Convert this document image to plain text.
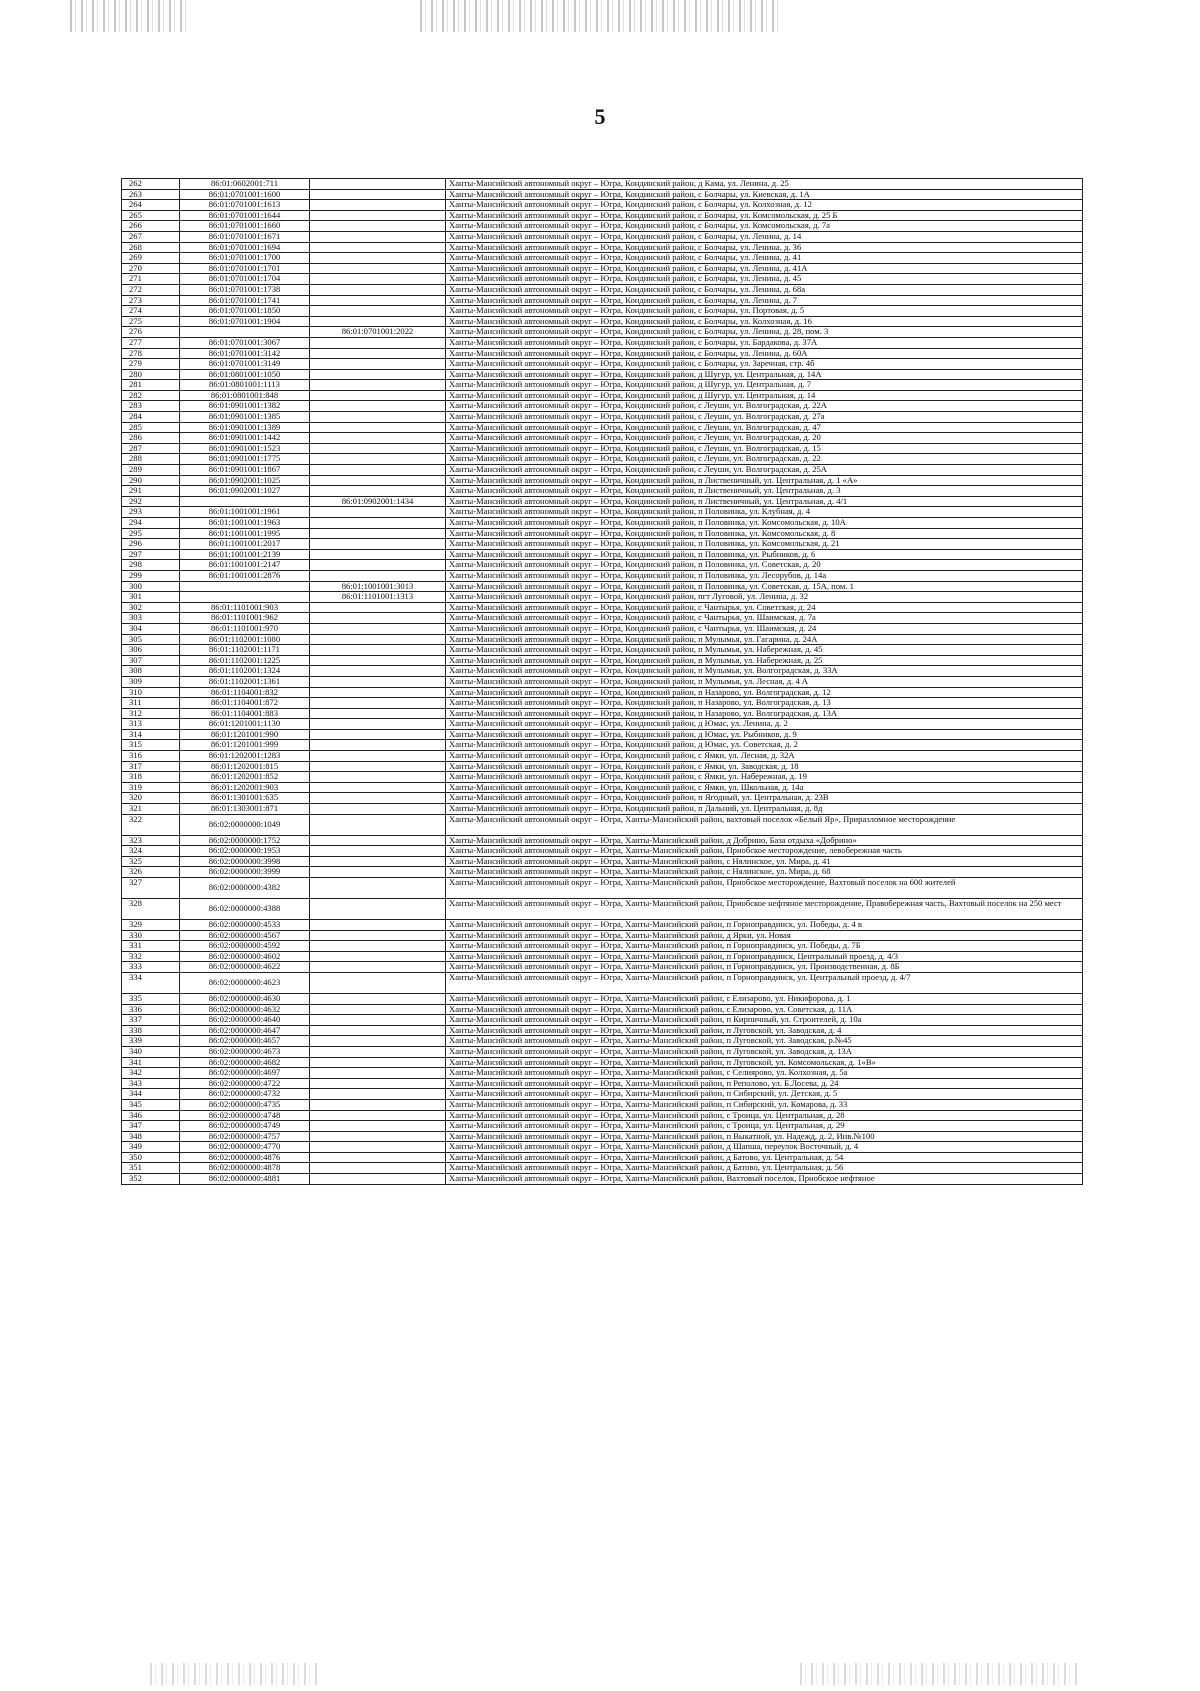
5
262	86:01:0602001:711		Ханты-Мансийский автономный округ – Югра, Кондинский район, д Кама, ул. Ленина, д. 25
263	86:01:0701001:1600		Ханты-Мансийский автономный округ – Югра, Кондинский район, с Болчары, ул. Киевская, д. 1А
264	86:01:0701001:1613		Ханты-Мансийский автономный округ – Югра, Кондинский район, с Болчары, ул. Колхозная, д. 12
265	86:01:0701001:1644		Ханты-Мансийский автономный округ – Югра, Кондинский район, с Болчары, ул. Комсомольская, д. 25 Б
266	86:01:0701001:1660		Ханты-Мансийский автономный округ – Югра, Кондинский район, с Болчары, ул. Комсомольская, д. 7а
267	86:01:0701001:1671		Ханты-Мансийский автономный округ – Югра, Кондинский район, с Болчары, ул. Ленина, д. 14
268	86:01:0701001:1694		Ханты-Мансийский автономный округ – Югра, Кондинский район, с Болчары, ул. Ленина, д. 36
269	86:01:0701001:1700		Ханты-Мансийский автономный округ – Югра, Кондинский район, с Болчары, ул. Ленина, д. 41
270	86:01:0701001:1701		Ханты-Мансийский автономный округ – Югра, Кондинский район, с Болчары, ул. Ленина, д. 41А
271	86:01:0701001:1704		Ханты-Мансийский автономный округ – Югра, Кондинский район, с Болчары, ул. Ленина, д. 45
272	86:01:0701001:1738		Ханты-Мансийский автономный округ – Югра, Кондинский район, с Болчары, ул. Ленина, д. 68а
273	86:01:0701001:1741		Ханты-Мансийский автономный округ – Югра, Кондинский район, с Болчары, ул. Ленина, д. 7
274	86:01:0701001:1850		Ханты-Мансийский автономный округ – Югра, Кондинский район, с Болчары, ул. Портовая, д. 5
275	86:01:0701001:1904		Ханты-Мансийский автономный округ – Югра, Кондинский район, с Болчары, ул. Колхозная, д. 16
276		86:01:0701001:2022	Ханты-Мансийский автономный округ – Югра, Кондинский район, с Болчары, ул. Ленина, д. 28, пом. 3
277	86:01:0701001:3067		Ханты-Мансийский автономный округ – Югра, Кондинский район, с Болчары, ул. Бардакова, д. 37А
278	86:01:0701001:3142		Ханты-Мансийский автономный округ – Югра, Кондинский район, с Болчары, ул. Ленина, д. 60А
279	86:01:0701001:3149		Ханты-Мансийский автономный округ – Югра, Кондинский район, с Болчары, ул. Заречная, стр. 4б
280	86:01:0801001:1050		Ханты-Мансийский автономный округ – Югра, Кондинский район, д Шугур, ул. Центральная, д. 14А
281	86:01:0801001:1113		Ханты-Мансийский автономный округ – Югра, Кондинский район, д Шугур, ул. Центральная, д. 7
282	86:01:0801001:848		Ханты-Мансийский автономный округ – Югра, Кондинский район, д Шугур, ул. Центральная, д. 14
283	86:01:0901001:1382		Ханты-Мансийский автономный округ – Югра, Кондинский район, с Леуши, ул. Волгоградская, д. 22А
284	86:01:0901001:1385		Ханты-Мансийский автономный округ – Югра, Кондинский район, с Леуши, ул. Волгоградская, д. 27а
285	86:01:0901001:1389		Ханты-Мансийский автономный округ – Югра, Кондинский район, с Леуши, ул. Волгоградская, д. 47
286	86:01:0901001:1442		Ханты-Мансийский автономный округ – Югра, Кондинский район, с Леуши, ул. Волгоградская, д. 20
287	86:01:0901001:1523		Ханты-Мансийский автономный округ – Югра, Кондинский район, с Леуши, ул. Волгоградская, д. 15
288	86:01:0901001:1775		Ханты-Мансийский автономный округ – Югра, Кондинский район, с Леуши, ул. Волгоградская, д. 22
289	86:01:0901001:1867		Ханты-Мансийский автономный округ – Югра, Кондинский район, с Леуши, ул. Волгоградская, д. 25А
290	86:01:0902001:1025		Ханты-Мансийский автономный округ – Югра, Кондинский район, п Лиственичный, ул. Центральная, д. 1 «А»
291	86:01:0902001:1027		Ханты-Мансийский автономный округ – Югра, Кондинский район, п Лиственичный, ул. Центральная, д. 3
292		86:01:0902001:1434	Ханты-Мансийский автономный округ – Югра, Кондинский район, п Лиственичный, ул. Центральная, д. 4/1
293	86:01:1001001:1961		Ханты-Мансийский автономный округ – Югра, Кондинский район, п Половинка, ул. Клубная, д. 4
294	86:01:1001001:1963		Ханты-Мансийский автономный округ – Югра, Кондинский район, п Половинка, ул. Комсомольская, д. 10А
295	86:01:1001001:1995		Ханты-Мансийский автономный округ – Югра, Кондинский район, п Половинка, ул. Комсомольская, д. 8
296	86:01:1001001:2017		Ханты-Мансийский автономный округ – Югра, Кондинский район, п Половинка, ул. Комсомольская, д. 21
297	86:01:1001001:2139		Ханты-Мансийский автономный округ – Югра, Кондинский район, п Половинка, ул. Рыбников, д. 6
298	86:01:1001001:2147		Ханты-Мансийский автономный округ – Югра, Кондинский район, п Половинка, ул. Советская, д. 20
299	86:01:1001001:2876		Ханты-Мансийский автономный округ – Югра, Кондинский район, п Половинка, ул. Лесорубов, д. 14а
300		86:01:1001001:3013	Ханты-Мансийский автономный округ – Югра, Кондинский район, п Половинка, ул. Советская, д. 15А, пом. 1
301		86:01:1101001:1313	Ханты-Мансийский автономный округ – Югра, Кондинский район, пгт Луговой, ул. Ленина, д. 32
302	86:01:1101001:903		Ханты-Мансийский автономный округ – Югра, Кондинский район, с Чантырья, ул. Советская, д. 24
303	86:01:1101001:962		Ханты-Мансийский автономный округ – Югра, Кондинский район, с Чантырья, ул. Шаимская, д. 7а
304	86:01:1101001:970		Ханты-Мансийский автономный округ – Югра, Кондинский район, с Чантырья, ул. Шаимская, д. 24
305	86:01:1102001:1080		Ханты-Мансийский автономный округ – Югра, Кондинский район, п Мулымья, ул. Гагарина, д. 24А
306	86:01:1102001:1171		Ханты-Мансийский автономный округ – Югра, Кондинский район, п Мулымья, ул. Набережная, д. 45
307	86:01:1102001:1225		Ханты-Мансийский автономный округ – Югра, Кондинский район, п Мулымья, ул. Набережная, д. 25
308	86:01:1102001:1324		Ханты-Мансийский автономный округ – Югра, Кондинский район, п Мулымья, ул. Волгоградская, д. 33А
309	86:01:1102001:1361		Ханты-Мансийский автономный округ – Югра, Кондинский район, п Мулымья, ул. Лесная, д. 4 А
310	86:01:1104001:832		Ханты-Мансийский автономный округ – Югра, Кондинский район, п Назарово, ул. Волгоградская, д. 12
311	86:01:1104001:872		Ханты-Мансийский автономный округ – Югра, Кондинский район, п Назарово, ул. Волгоградская, д. 13
312	86:01:1104001:883		Ханты-Мансийский автономный округ – Югра, Кондинский район, п Назарово, ул. Волгоградская, д. 13А
313	86:01:1201001:1130		Ханты-Мансийский автономный округ – Югра, Кондинский район, д Юмас, ул. Ленина, д. 2
314	86:01:1201001:990		Ханты-Мансийский автономный округ – Югра, Кондинский район, д Юмас, ул. Рыбников, д. 9
315	86:01:1201001:999		Ханты-Мансийский автономный округ – Югра, Кондинский район, д Юмас, ул. Советская, д. 2
316	86:01:1202001:1283		Ханты-Мансийский автономный округ – Югра, Кондинский район, с Ямки, ул. Лесная, д. 32А
317	86:01:1202001:815		Ханты-Мансийский автономный округ – Югра, Кондинский район, с Ямки, ул. Заводская, д. 18
318	86:01:1202001:852		Ханты-Мансийский автономный округ – Югра, Кондинский район, с Ямки, ул. Набережная, д. 19
319	86:01:1202001:903		Ханты-Мансийский автономный округ – Югра, Кондинский район, с Ямки, ул. Школьная, д. 14а
320	86:01:1301001:635		Ханты-Мансийский автономный округ – Югра, Кондинский район, п Ягодный, ул. Центральная, д. 23В
321	86:01:1303001:871		Ханты-Мансийский автономный округ – Югра, Кондинский район, п Дальний, ул. Центральная, д. 8д
322	86:02:0000000:1049		Ханты-Мансийский автономный округ – Югра, Ханты-Мансийский район, вахтовый поселок «Белый Яр», Приразломное месторождение
323	86:02:0000000:1752		Ханты-Мансийский автономный округ – Югра, Ханты-Мансийский район, д Добрино, База отдыха «Добрино»
324	86:02:0000000:1953		Ханты-Мансийский автономный округ – Югра, Ханты-Мансийский район, Приобское месторождение, левобережная часть
325	86:02:0000000:3998		Ханты-Мансийский автономный округ – Югра, Ханты-Мансийский район, с Нялинское, ул. Мира, д. 41
326	86:02:0000000:3999		Ханты-Мансийский автономный округ – Югра, Ханты-Мансийский район, с Нялинское, ул. Мира, д. 68
327	86:02:0000000:4382		Ханты-Мансийский автономный округ – Югра, Ханты-Мансийский район, Приобское месторождение, Вахтовый поселок на 600 жителей
328	86:02:0000000:4388		Ханты-Мансийский автономный округ – Югра, Ханты-Мансийский район, Приобское нефтяное месторождение, Правобережная часть, Вахтовый поселок на 250 мест
329	86:02:0000000:4533		Ханты-Мансийский автономный округ – Югра, Ханты-Мансийский район, п Горноправдинск, ул. Победы, д. 4 в
330	86:02:0000000:4567		Ханты-Мансийский автономный округ – Югра, Ханты-Мансийский район, д Ярки, ул. Новая
331	86:02:0000000:4592		Ханты-Мансийский автономный округ – Югра, Ханты-Мансийский район, п Горноправдинск, ул. Победы, д. 7Б
332	86:02:0000000:4602		Ханты-Мансийский автономный округ – Югра, Ханты-Мансийский район, п Горноправдинск, Центральный проезд, д. 4/3
333	86:02:0000000:4622		Ханты-Мансийский автономный округ – Югра, Ханты-Мансийский район, п Горноправдинск, ул. Производственная, д. 8Б
334	86:02:0000000:4623		Ханты-Мансийский автономный округ – Югра, Ханты-Мансийский район, п Горноправдинск, ул. Центральный проезд, д. 4/7
335	86:02:0000000:4630		Ханты-Мансийский автономный округ – Югра, Ханты-Мансийский район, с Елизарово, ул. Никифорова, д. 1
336	86:02:0000000:4632		Ханты-Мансийский автономный округ – Югра, Ханты-Мансийский район, с Елизарово, ул. Советская, д. 11А
337	86:02:0000000:4640		Ханты-Мансийский автономный округ – Югра, Ханты-Мансийский район, п Кирпичный, ул. Строителей, д. 10а
338	86:02:0000000:4647		Ханты-Мансийский автономный округ – Югра, Ханты-Мансийский район, п Луговской, ул. Заводская, д. 4
339	86:02:0000000:4657		Ханты-Мансийский автономный округ – Югра, Ханты-Мансийский район, п Луговской, ул. Заводская, р.№45
340	86:02:0000000:4673		Ханты-Мансийский автономный округ – Югра, Ханты-Мансийский район, п Луговской, ул. Заводская, д. 13А
341	86:02:0000000:4682		Ханты-Мансийский автономный округ – Югра, Ханты-Мансийский район, п Луговской, ул. Комсомольская, д. 1«В»
342	86:02:0000000:4697		Ханты-Мансийский автономный округ – Югра, Ханты-Мансийский район, с Селиярово, ул. Колхозная, д. 5а
343	86:02:0000000:4722		Ханты-Мансийский автономный округ – Югра, Ханты-Мансийский район, п Реполово, ул. Б.Лосева, д. 24
344	86:02:0000000:4732		Ханты-Мансийский автономный округ – Югра, Ханты-Мансийский район, п Сибирский, ул. Детская, д. 5
345	86:02:0000000:4735		Ханты-Мансийский автономный округ – Югра, Ханты-Мансийский район, п Сибирский, ул. Комарова, д. 33
346	86:02:0000000:4748		Ханты-Мансийский автономный округ – Югра, Ханты-Мансийский район, с Троица, ул. Центральная, д. 28
347	86:02:0000000:4749		Ханты-Мансийский автономный округ – Югра, Ханты-Мансийский район, с Троица, ул. Центральная, д. 29
348	86:02:0000000:4757		Ханты-Мансийский автономный округ – Югра, Ханты-Мансийский район, п Выкатной, ул. Надежд, д. 2, Инв.№100
349	86:02:0000000:4770		Ханты-Мансийский автономный округ – Югра, Ханты-Мансийский район, д Шапша, переулок Восточный, д. 4
350	86:02:0000000:4876		Ханты-Мансийский автономный округ – Югра, Ханты-Мансийский район, д Батово, ул. Центральная, д. 54
351	86:02:0000000:4878		Ханты-Мансийский автономный округ – Югра, Ханты-Мансийский район, д Батово, ул. Центральная, д. 56
352	86:02:0000000:4881		Ханты-Мансийский автономный округ – Югра, Ханты-Мансийский район, Вахтовый поселок, Приобское нефтяное
